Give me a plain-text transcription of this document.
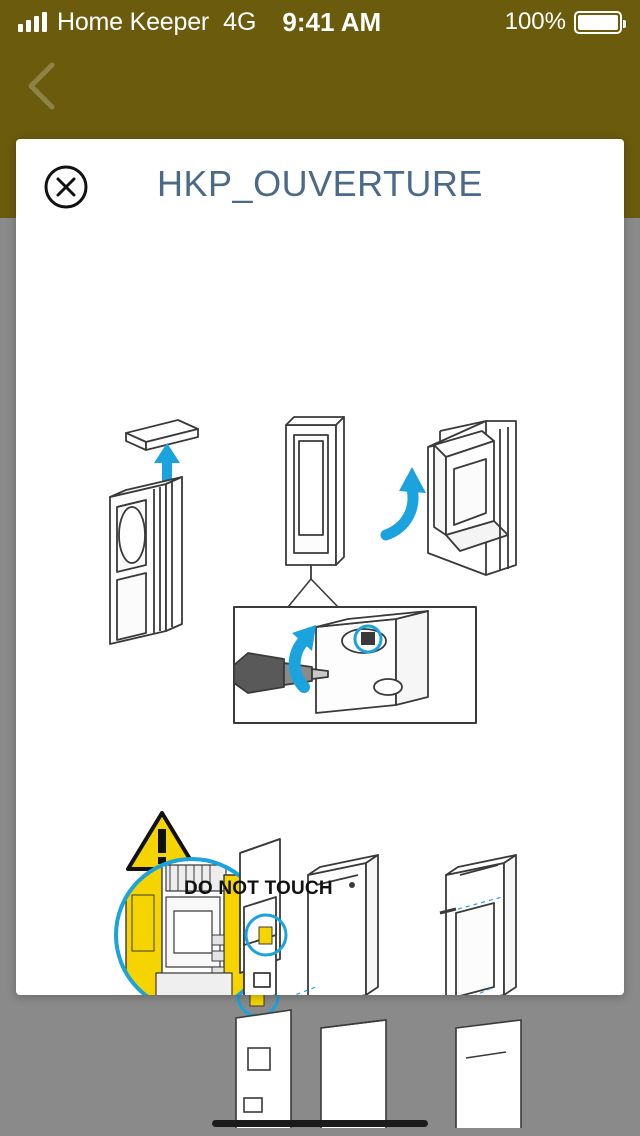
Home Keeper 4G 9:41 AM	100%
HKP_OUVERTURE
DO NOT TOUCH
